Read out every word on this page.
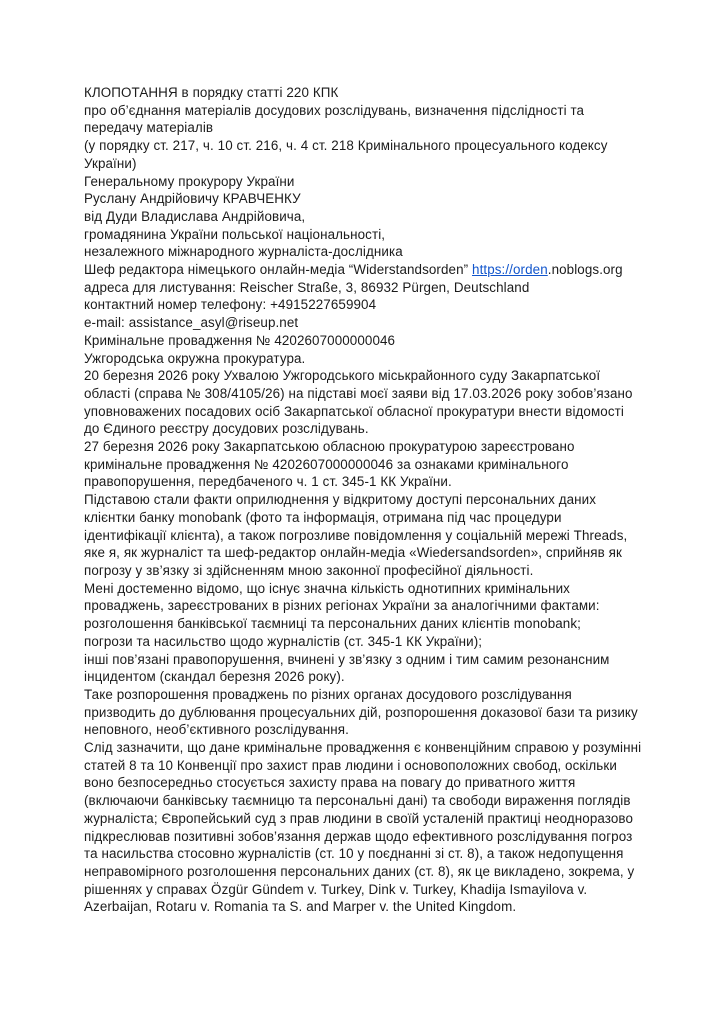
КЛОПОТАННЯ в порядку статті 220 КПК
про об’єднання матеріалів досудових розслідувань, визначення підслідності та
передачу матеріалів
(у порядку ст. 217, ч. 10 ст. 216, ч. 4 ст. 218 Кримінального процесуального кодексу
України)
Генеральному прокурору України
Руслану Андрійовичу КРАВЧЕНКУ
від Дуди Владислава Андрійовича,
громадянина України польської національності,
незалежного міжнародного журналіста-дослідника
Шеф редактора німецького онлайн-медіа “Widerstandsorden” https://orden.noblogs.org
адреса для листування: Reischer Straße, 3, 86932 Pürgen, Deutschland
контактний номер телефону: +4915227659904
e-mail: assistance_asyl@riseup.net
Кримінальне провадження № 4202607000000046
Ужгородська окружна прокуратура.
20 березня 2026 року Ухвалою Ужгородського міськрайонного суду Закарпатської
області (справа № 308/4105/26) на підставі моєї заяви від 17.03.2026 року зобов’язано
уповноважених посадових осіб Закарпатської обласної прокуратури внести відомості
до Єдиного реєстру досудових розслідувань.
27 березня 2026 року Закарпатською обласною прокуратурою зареєстровано
кримінальне провадження № 4202607000000046 за ознаками кримінального
правопорушення, передбаченого ч. 1 ст. 345-1 КК України.
Підставою стали факти оприлюднення у відкритому доступі персональних даних
клієнтки банку monobank (фото та інформація, отримана під час процедури
ідентифікації клієнта), а також погрозливе повідомлення у соціальній мережі Threads,
яке я, як журналіст та шеф-редактор онлайн-медіа «Wiedersandsorden», сприйняв як
погрозу у зв’язку зі здійсненням мною законної професійної діяльності.
Мені достеменно відомо, що існує значна кількість однотипних кримінальних
проваджень, зареєстрованих в різних регіонах України за аналогічними фактами:
розголошення банківської таємниці та персональних даних клієнтів monobank;
погрози та насильство щодо журналістів (ст. 345-1 КК України);
інші пов’язані правопорушення, вчинені у зв’язку з одним і тим самим резонансним
інцидентом (скандал березня 2026 року).
Таке розпорошення проваджень по різних органах досудового розслідування
призводить до дублювання процесуальних дій, розпорошення доказової бази та ризику
неповного, необ’єктивного розслідування.
Слід зазначити, що дане кримінальне провадження є конвенційним справою у розумінні
статей 8 та 10 Конвенції про захист прав людини і основоположних свобод, оскільки
воно безпосередньо стосується захисту права на повагу до приватного життя
(включаючи банківську таємницю та персональні дані) та свободи вираження поглядів
журналіста; Європейський суд з прав людини в своїй усталеній практиці неодноразово
підкреслював позитивні зобов’язання держав щодо ефективного розслідування погроз
та насильства стосовно журналістів (ст. 10 у поєднанні зі ст. 8), а також недопущення
неправомірного розголошення персональних даних (ст. 8), як це викладено, зокрема, у
рішеннях у справах Özgür Gündem v. Turkey, Dink v. Turkey, Khadija Ismayilova v.
Azerbaijan, Rotaru v. Romania та S. and Marper v. the United Kingdom.
